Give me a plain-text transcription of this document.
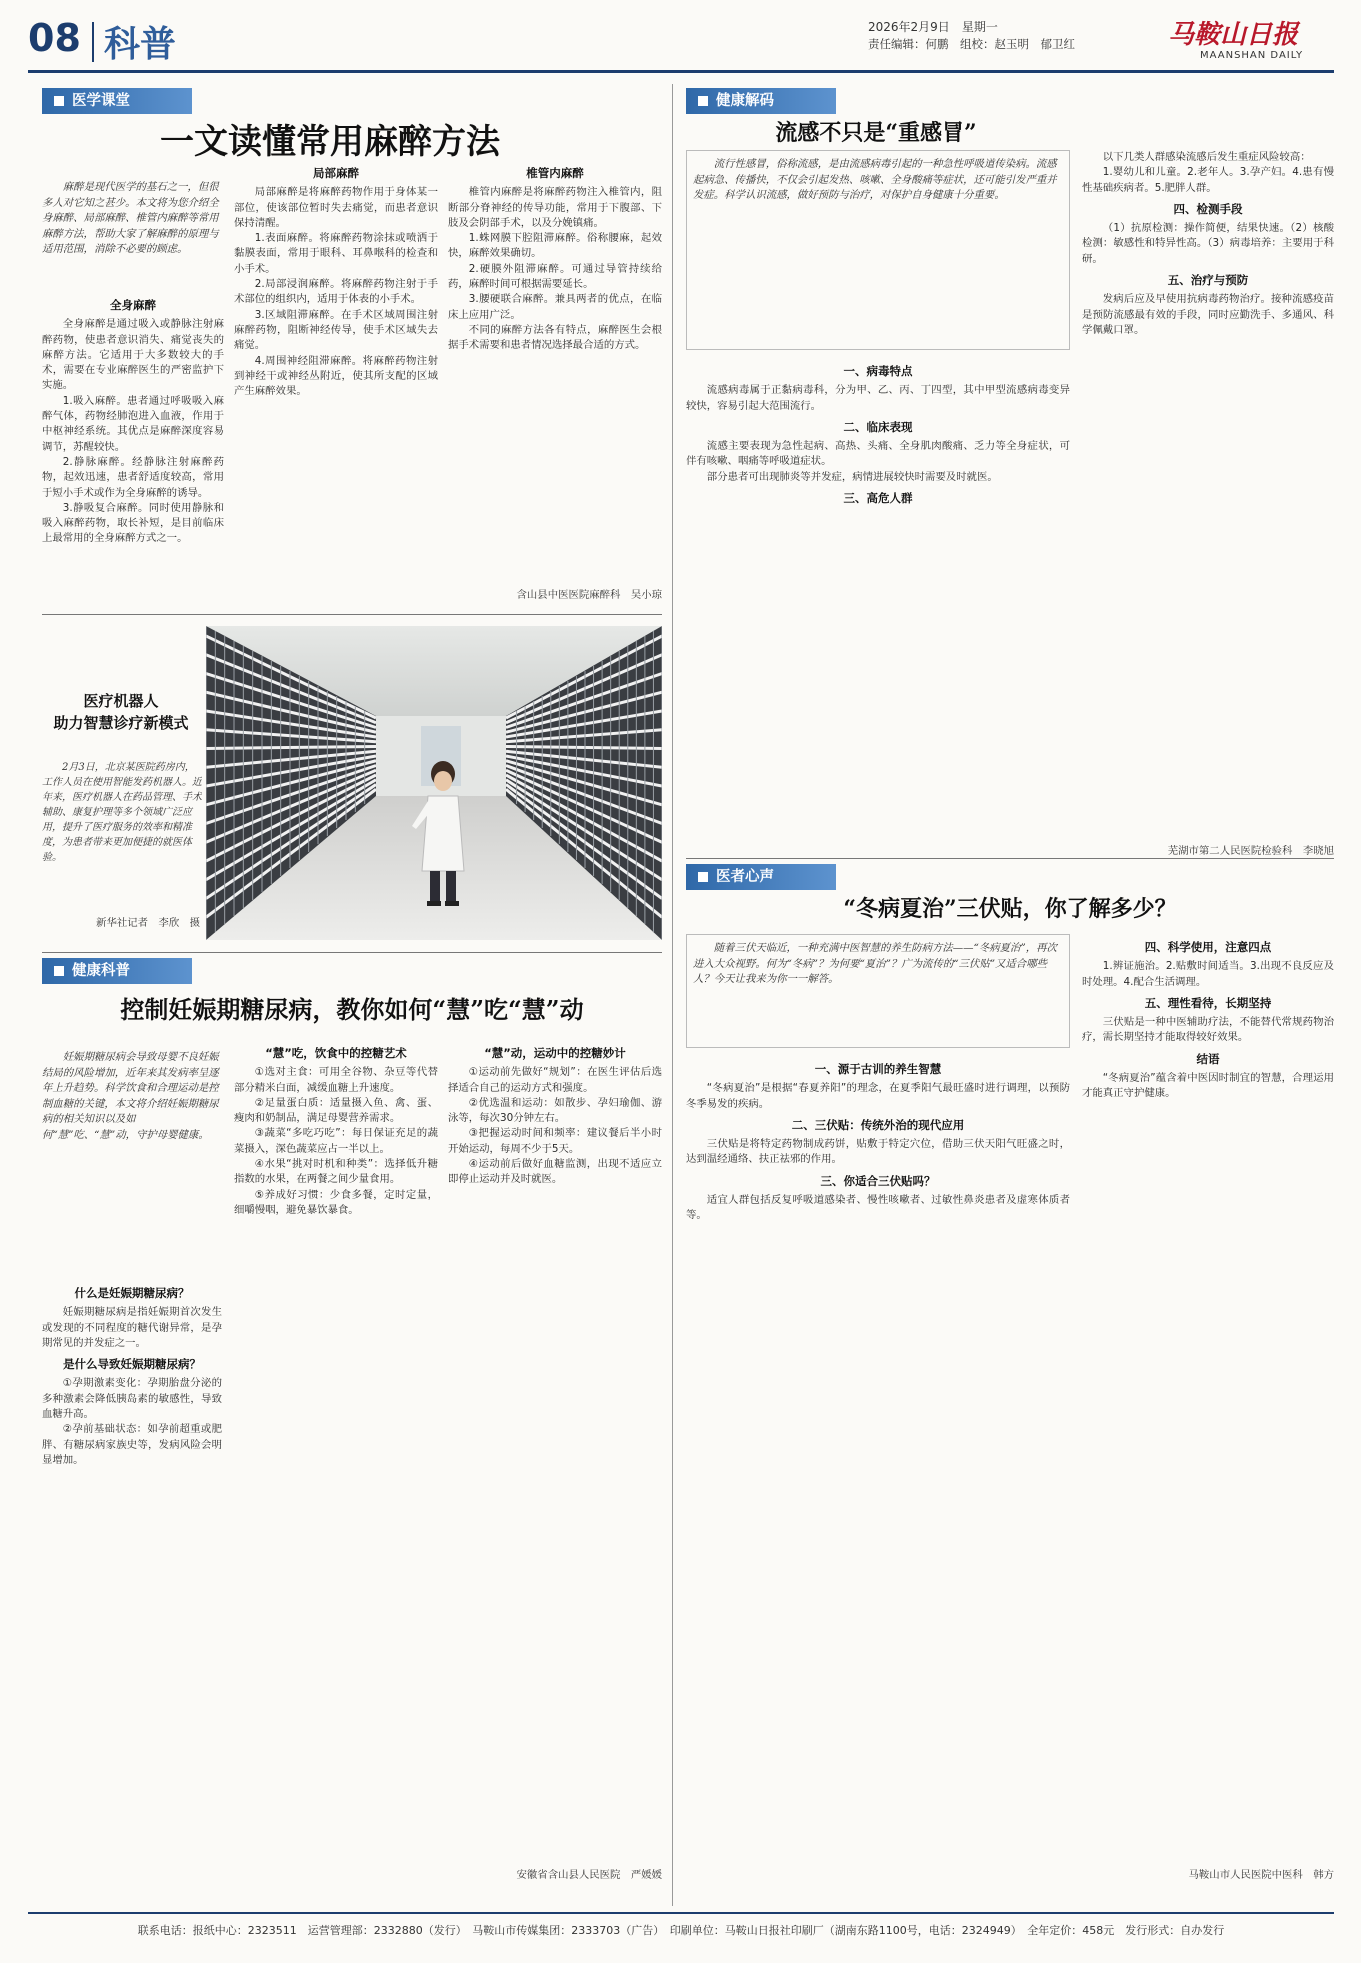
08 科普	2026年2月9日　 星期一
责任编辑：何鹏　组校：赵玉明　郁卫红	马鞍山日报
MAANSHAN DAILY
医学课堂
一文读懂常用麻醉方法

麻醉是现代医学的基石之一，但很多人对它知之甚少。本文将为您介绍全身麻醉、局部麻醉、椎管内麻醉等常用麻醉方法，帮助大家了解麻醉的原理与适用范围，消除不必要的顾虑。

全身麻醉

全身麻醉是通过吸入或静脉注射麻醉药物，使患者意识消失、痛觉丧失的麻醉方法。它适用于大多数较大的手术，需要在专业麻醉医生的严密监护下实施。

1.吸入麻醉。患者通过呼吸吸入麻醉气体，药物经肺泡进入血液，作用于中枢神经系统。其优点是麻醉深度容易调节，苏醒较快。

2.静脉麻醉。经静脉注射麻醉药物，起效迅速，患者舒适度较高，常用于短小手术或作为全身麻醉的诱导。

3.静吸复合麻醉。同时使用静脉和吸入麻醉药物，取长补短，是目前临床上最常用的全身麻醉方式之一。

局部麻醉

局部麻醉是将麻醉药物作用于身体某一部位，使该部位暂时失去痛觉，而患者意识保持清醒。

1.表面麻醉。将麻醉药物涂抹或喷洒于黏膜表面，常用于眼科、耳鼻喉科的检查和小手术。

2.局部浸润麻醉。将麻醉药物注射于手术部位的组织内，适用于体表的小手术。

3.区域阻滞麻醉。在手术区域周围注射麻醉药物，阻断神经传导，使手术区域失去痛觉。

4.周围神经阻滞麻醉。将麻醉药物注射到神经干或神经丛附近，使其所支配的区域产生麻醉效果。

椎管内麻醉

椎管内麻醉是将麻醉药物注入椎管内，阻断部分脊神经的传导功能，常用于下腹部、下肢及会阴部手术，以及分娩镇痛。

1.蛛网膜下腔阻滞麻醉。俗称腰麻，起效快，麻醉效果确切。

2.硬膜外阻滞麻醉。可通过导管持续给药，麻醉时间可根据需要延长。

3.腰硬联合麻醉。兼具两者的优点，在临床上应用广泛。

不同的麻醉方法各有特点，麻醉医生会根据手术需要和患者情况选择最合适的方式。

含山县中医医院麻醉科　吴小琼
医疗机器人
助力智慧诊疗新模式

2月3日，北京某医院药房内，工作人员在使用智能发药机器人。近年来，医疗机器人在药品管理、手术辅助、康复护理等多个领域广泛应用，提升了医疗服务的效率和精准度，为患者带来更加便捷的就医体验。

新华社记者　李欣　摄
健康科普
控制妊娠期糖尿病，教你如何“慧”吃“慧”动

妊娠期糖尿病会导致母婴不良妊娠结局的风险增加，近年来其发病率呈逐年上升趋势。科学饮食和合理运动是控制血糖的关键，本文将介绍妊娠期糖尿病的相关知识以及如何“慧”吃、“慧”动，守护母婴健康。

什么是妊娠期糖尿病？

妊娠期糖尿病是指妊娠期首次发生或发现的不同程度的糖代谢异常，是孕期常见的并发症之一。

是什么导致妊娠期糖尿病？

①孕期激素变化：孕期胎盘分泌的多种激素会降低胰岛素的敏感性，导致血糖升高。

②孕前基础状态：如孕前超重或肥胖、有糖尿病家族史等，发病风险会明显增加。

“慧”吃，饮食中的控糖艺术

①选对主食：可用全谷物、杂豆等代替部分精米白面，减缓血糖上升速度。

②足量蛋白质：适量摄入鱼、禽、蛋、瘦肉和奶制品，满足母婴营养需求。

③蔬菜“多吃巧吃”：每日保证充足的蔬菜摄入，深色蔬菜应占一半以上。

④水果“挑对时机和种类”：选择低升糖指数的水果，在两餐之间少量食用。

⑤养成好习惯：少食多餐，定时定量，细嚼慢咽，避免暴饮暴食。

“慧”动，运动中的控糖妙计

①运动前先做好“规划”：在医生评估后选择适合自己的运动方式和强度。

②优选温和运动：如散步、孕妇瑜伽、游泳等，每次30分钟左右。

③把握运动时间和频率：建议餐后半小时开始运动，每周不少于5天。

④运动前后做好血糖监测，出现不适应立即停止运动并及时就医。

安徽省含山县人民医院　严媛媛
健康解码
流感不只是“重感冒”

流行性感冒，俗称流感，是由流感病毒引起的一种急性呼吸道传染病。流感起病急、传播快，不仅会引起发热、咳嗽、全身酸痛等症状，还可能引发严重并发症。科学认识流感，做好预防与治疗，对保护自身健康十分重要。

一、病毒特点

流感病毒属于正黏病毒科，分为甲、乙、丙、丁四型，其中甲型流感病毒变异较快，容易引起大范围流行。

二、临床表现

流感主要表现为急性起病、高热、头痛、全身肌肉酸痛、乏力等全身症状，可伴有咳嗽、咽痛等呼吸道症状。

部分患者可出现肺炎等并发症，病情进展较快时需要及时就医。

三、高危人群

以下几类人群感染流感后发生重症风险较高：

1.婴幼儿和儿童。2.老年人。3.孕产妇。4.患有慢性基础疾病者。5.肥胖人群。

四、检测手段

（1）抗原检测：操作简便，结果快速。（2）核酸检测：敏感性和特异性高。（3）病毒培养：主要用于科研。

五、治疗与预防

发病后应及早使用抗病毒药物治疗。接种流感疫苗是预防流感最有效的手段，同时应勤洗手、多通风、科学佩戴口罩。

芜湖市第二人民医院检验科　李晓旭
医者心声
“冬病夏治”三伏贴，你了解多少？

随着三伏天临近，一种充满中医智慧的养生防病方法——“冬病夏治”，再次进入大众视野。何为“冬病”？为何要“夏治”？广为流传的“三伏贴”又适合哪些人？今天让我来为你一一解答。

一、源于古训的养生智慧

“冬病夏治”是根据“春夏养阳”的理念，在夏季阳气最旺盛时进行调理，以预防冬季易发的疾病。

二、三伏贴：传统外治的现代应用

三伏贴是将特定药物制成药饼，贴敷于特定穴位，借助三伏天阳气旺盛之时，达到温经通络、扶正祛邪的作用。

三、你适合三伏贴吗？

适宜人群包括反复呼吸道感染者、慢性咳嗽者、过敏性鼻炎患者及虚寒体质者等。

四、科学使用，注意四点

1.辨证施治。2.贴敷时间适当。3.出现不良反应及时处理。4.配合生活调理。

五、理性看待，长期坚持

三伏贴是一种中医辅助疗法，不能替代常规药物治疗，需长期坚持才能取得较好效果。

结语

“冬病夏治”蕴含着中医因时制宜的智慧，合理运用才能真正守护健康。

马鞍山市人民医院中医科　韩方
联系电话：报纸中心：2323511　运营管理部：2332880（发行）　马鞍山市传媒集团：2333703（广告）　印刷单位：马鞍山日报社印刷厂（湖南东路1100号，电话：2324949）　全年定价：458元　发行形式：自办发行
